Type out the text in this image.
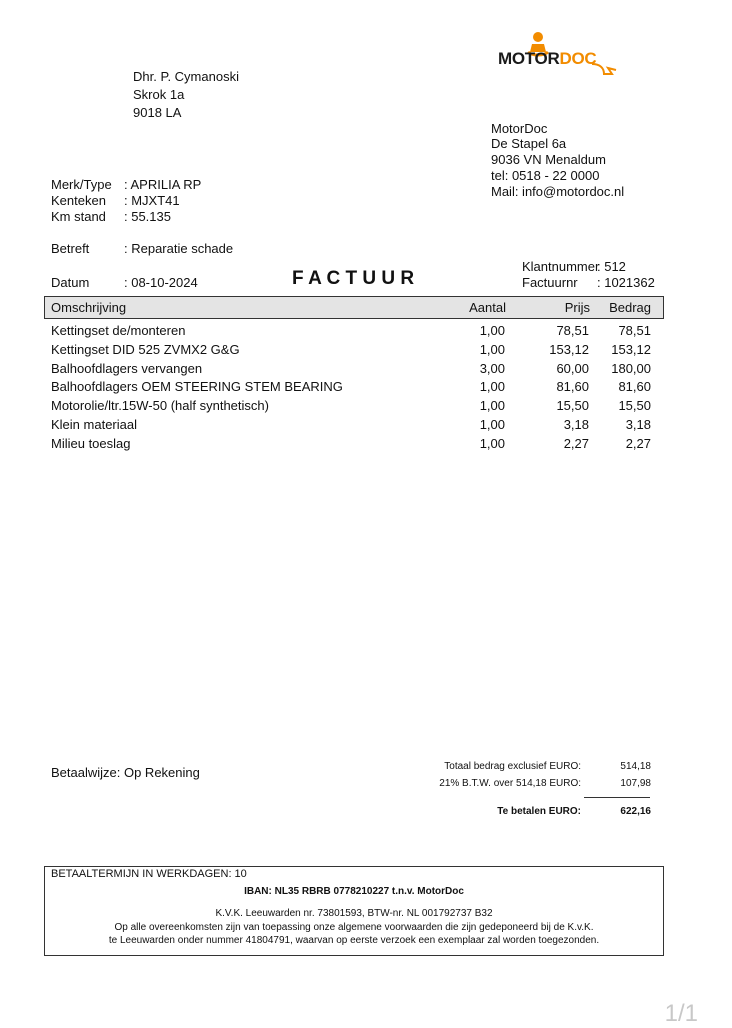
MOTORDOC
Dhr. P. Cymanoski
Skrok 1a
9018 LA
MotorDoc
De Stapel 6a
9036 VN Menaldum
tel: 0518 - 22 0000
Mail: info@motordoc.nl
Merk/Type : APRILIA RP
Kenteken : MJXT41
Km stand : 55.135
Betreft	: Reparatie schade
Datum	: 08-10-2024	F A C T U U R
Klantnummer
: 512
Factuurnr : 1021362
Omschrijving	Aantal	Prijs Bedrag
Kettingset de/monteren	1,00	78,51 78,51
Kettingset DID 525 ZVMX2 G&G	1,00	153,12 153,12
Balhoofdlagers vervangen	3,00	60,00 180,00
Balhoofdlagers OEM STEERING STEM BEARING	1,00	81,60 81,60
Motorolie/ltr.15W-50 (half synthetisch)	1,00	15,50 15,50
Klein materiaal	1,00	3,18	3,18
Milieu toeslag	1,00	2,27	2,27
Betaalwijze: Op Rekening	Totaal bedrag exclusief EURO:	514,18
21% B.T.W. over 514,18 EURO:	107,98
Te betalen EURO:	622,16
BETAALTERMIJN IN WERKDAGEN: 10
IBAN: NL35 RBRB 0778210227 t.n.v. MotorDoc
K.V.K. Leeuwarden nr. 73801593, BTW-nr. NL 001792737 B32
Op alle overeenkomsten zijn van toepassing onze algemene voorwaarden die zijn gedeponeerd bij de K.v.K.
te Leeuwarden onder nummer 41804791, waarvan op eerste verzoek een exemplaar zal worden toegezonden.
1/1
